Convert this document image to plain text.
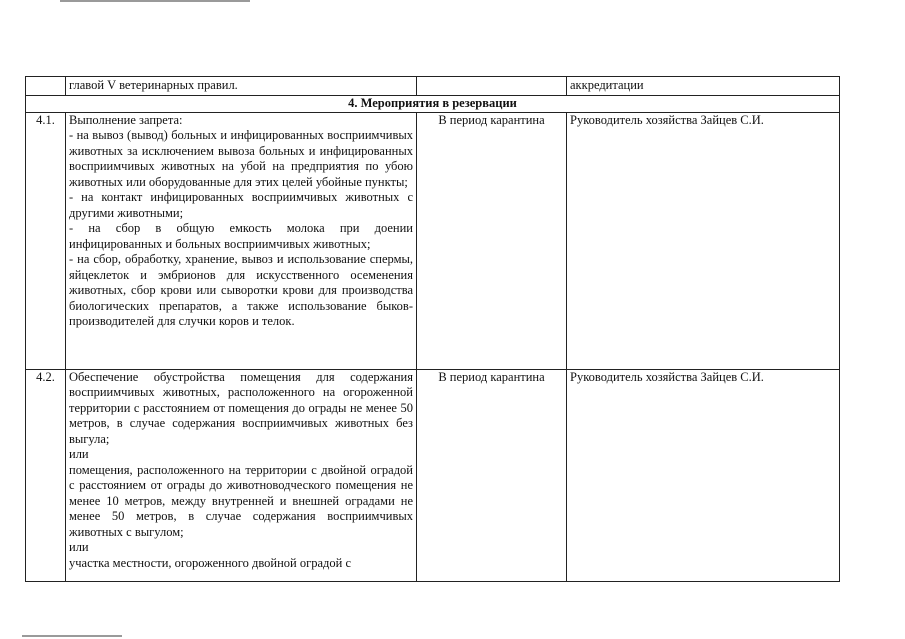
	главой V ветеринарных правил.		аккредитации
4. Мероприятия в резервации			
4.1.	Выполнение запрета:

- на вывоз (вывод) больных и инфицированных восприимчивых животных за исключением вывоза больных и инфицированных восприимчивых животных на убой на предприятия по убою животных или оборудованные для этих целей убойные пункты;

- на контакт инфицированных восприимчивых животных с другими животными;

- на сбор в общую емкость молока при доении инфицированных и больных восприимчивых животных;

- на сбор, обработку, хранение, вывоз и использование спермы, яйцеклеток и эмбрионов для искусственного осеменения животных, сбор крови или сыворотки крови для производства биологических препаратов, а также использование быков-производителей для случки коров и телок.	В период карантина	Руководитель хозяйства Зайцев С.И.
4.2.	Обеспечение обустройства помещения для содержания восприимчивых животных, расположенного на огороженной территории с расстоянием от помещения до ограды не менее 50 метров, в случае содержания восприимчивых животных без выгула;

или

помещения, расположенного на территории с двойной оградой с расстоянием от ограды до животноводческого помещения не менее 10 метров, между внутренней и внешней оградами не менее 50 метров, в случае содержания восприимчивых животных с выгулом;

или

участка местности, огороженного двойной оградой с	В период карантина	Руководитель хозяйства Зайцев С.И.
